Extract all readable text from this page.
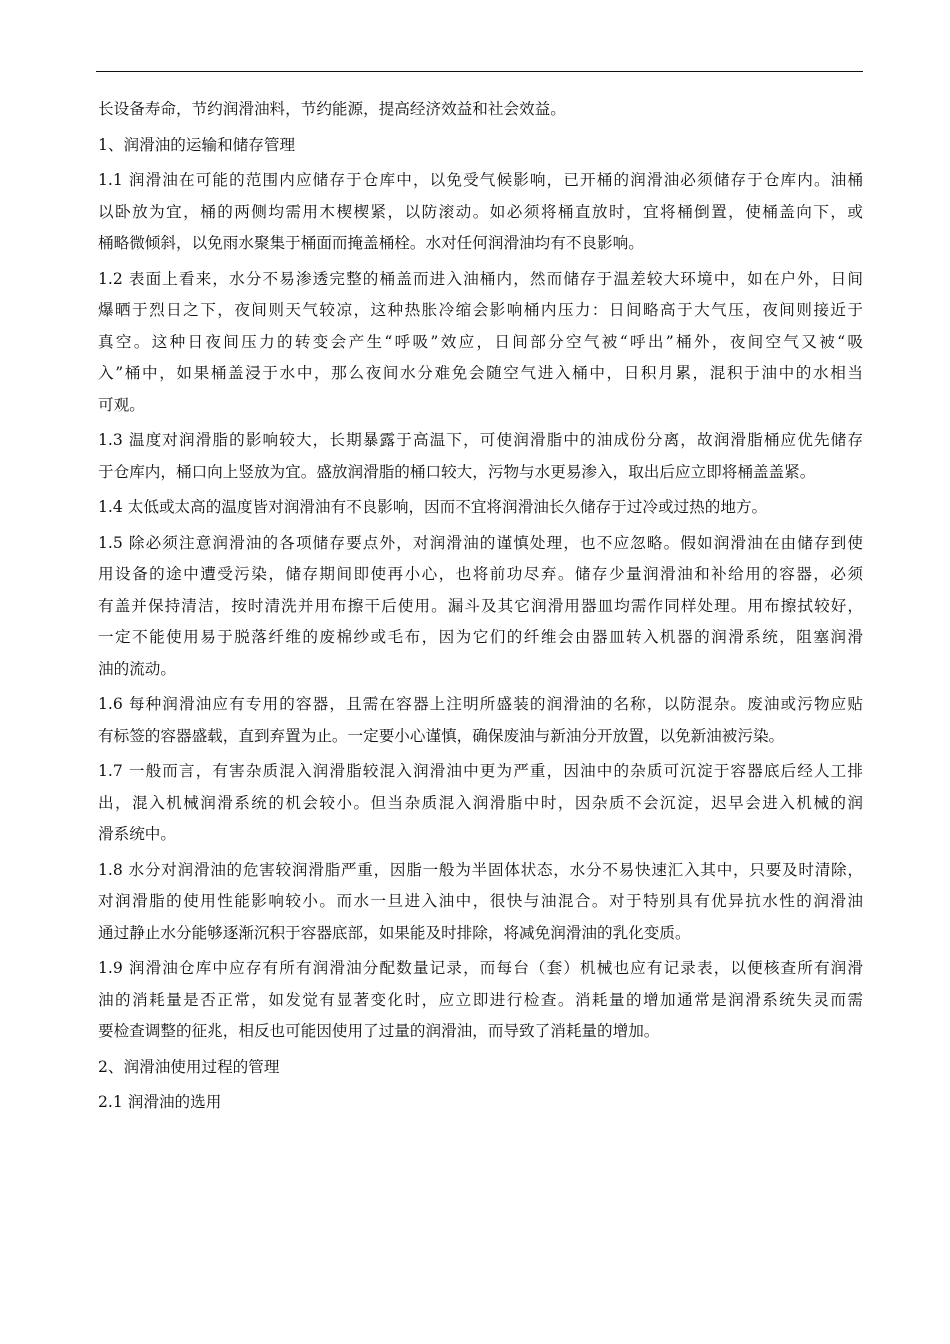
长设备寿命，节约润滑油料，节约能源，提高经济效益和社会效益。
1、润滑油的运输和储存管理
1.1 润滑油在可能的范围内应储存于仓库中，以免受气候影响，已开桶的润滑油必须储存于仓库内。油桶
以卧放为宜，桶的两侧均需用木楔楔紧，以防滚动。如必须将桶直放时，宜将桶倒置，使桶盖向下，或
桶略微倾斜，以免雨水聚集于桶面而掩盖桶栓。水对任何润滑油均有不良影响。
1.2 表面上看来，水分不易渗透完整的桶盖而进入油桶内，然而储存于温差较大环境中，如在户外，日间
爆晒于烈日之下，夜间则天气较凉，这种热胀冷缩会影响桶内压力：日间略高于大气压，夜间则接近于
真空。这种日夜间压力的转变会产生“呼吸”效应，日间部分空气被“呼出”桶外，夜间空气又被“吸
入”桶中，如果桶盖浸于水中，那么夜间水分难免会随空气进入桶中，日积月累，混积于油中的水相当
可观。
1.3 温度对润滑脂的影响较大，长期暴露于高温下，可使润滑脂中的油成份分离，故润滑脂桶应优先储存
于仓库内，桶口向上竖放为宜。盛放润滑脂的桶口较大，污物与水更易渗入，取出后应立即将桶盖盖紧。
1.4 太低或太高的温度皆对润滑油有不良影响，因而不宜将润滑油长久储存于过冷或过热的地方。
1.5 除必须注意润滑油的各项储存要点外，对润滑油的谨慎处理，也不应忽略。假如润滑油在由储存到使
用设备的途中遭受污染，储存期间即使再小心，也将前功尽弃。储存少量润滑油和补给用的容器，必须
有盖并保持清洁，按时清洗并用布擦干后使用。漏斗及其它润滑用器皿均需作同样处理。用布擦拭较好，
一定不能使用易于脱落纤维的废棉纱或毛布，因为它们的纤维会由器皿转入机器的润滑系统，阻塞润滑
油的流动。
1.6 每种润滑油应有专用的容器，且需在容器上注明所盛装的润滑油的名称，以防混杂。废油或污物应贴
有标签的容器盛载，直到弃置为止。一定要小心谨慎，确保废油与新油分开放置，以免新油被污染。
1.7 一般而言，有害杂质混入润滑脂较混入润滑油中更为严重，因油中的杂质可沉淀于容器底后经人工排
出，混入机械润滑系统的机会较小。但当杂质混入润滑脂中时，因杂质不会沉淀，迟早会进入机械的润
滑系统中。
1.8 水分对润滑油的危害较润滑脂严重，因脂一般为半固体状态，水分不易快速汇入其中，只要及时清除，
对润滑脂的使用性能影响较小。而水一旦进入油中，很快与油混合。对于特别具有优异抗水性的润滑油
通过静止水分能够逐渐沉积于容器底部，如果能及时排除，将减免润滑油的乳化变质。
1.9 润滑油仓库中应存有所有润滑油分配数量记录，而每台（套）机械也应有记录表，以便核查所有润滑
油的消耗量是否正常，如发觉有显著变化时，应立即进行检查。消耗量的增加通常是润滑系统失灵而需
要检查调整的征兆，相反也可能因使用了过量的润滑油，而导致了消耗量的增加。
2、润滑油使用过程的管理
2.1 润滑油的选用
